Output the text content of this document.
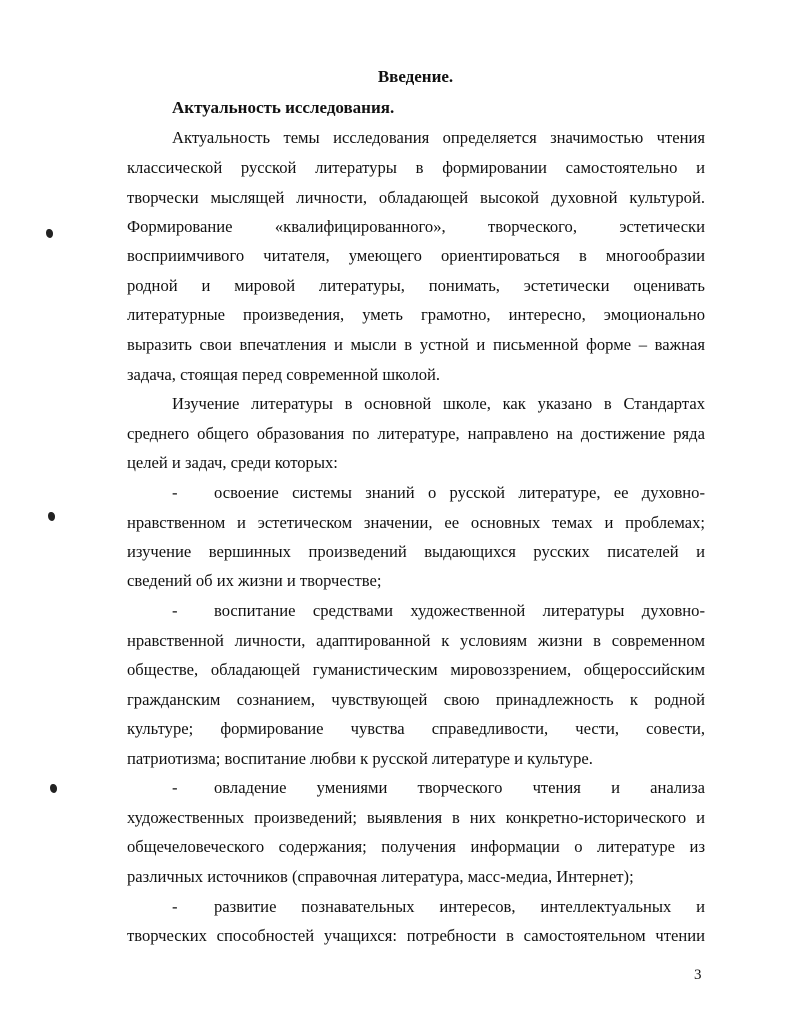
Введение.
Актуальность исследования.
Актуальность темы исследования определяется значимостью чтения
классической русской литературы в формировании самостоятельно и
творчески мыслящей личности, обладающей высокой духовной культурой.
Формирование «квалифицированного», творческого, эстетически
восприимчивого читателя, умеющего ориентироваться в многообразии
родной и мировой литературы, понимать, эстетически оценивать
литературные произведения, уметь грамотно, интересно, эмоционально
выразить свои впечатления и мысли в устной и письменной форме – важная
задача, стоящая перед современной школой.
Изучение литературы в основной школе, как указано в Стандартах
среднего общего образования по литературе, направлено на достижение ряда
целей и задач, среди которых:
- освоение системы знаний о русской литературе, ее духовно-
нравственном и эстетическом значении, ее основных темах и проблемах;
изучение вершинных произведений выдающихся русских писателей и
сведений об их жизни и творчестве;
- воспитание средствами художественной литературы духовно-
нравственной личности, адаптированной к условиям жизни в современном
обществе, обладающей гуманистическим мировоззрением, общероссийским
гражданским сознанием, чувствующей свою принадлежность к родной
культуре; формирование чувства справедливости, чести, совести,
патриотизма; воспитание любви к русской литературе и культуре.
- овладение умениями творческого чтения и анализа
художественных произведений; выявления в них конкретно-исторического и
общечеловеческого содержания; получения информации о литературе из
различных источников (справочная литература, масс-медиа, Интернет);
- развитие познавательных интересов, интеллектуальных и
творческих способностей учащихся: потребности в самостоятельном чтении
3
